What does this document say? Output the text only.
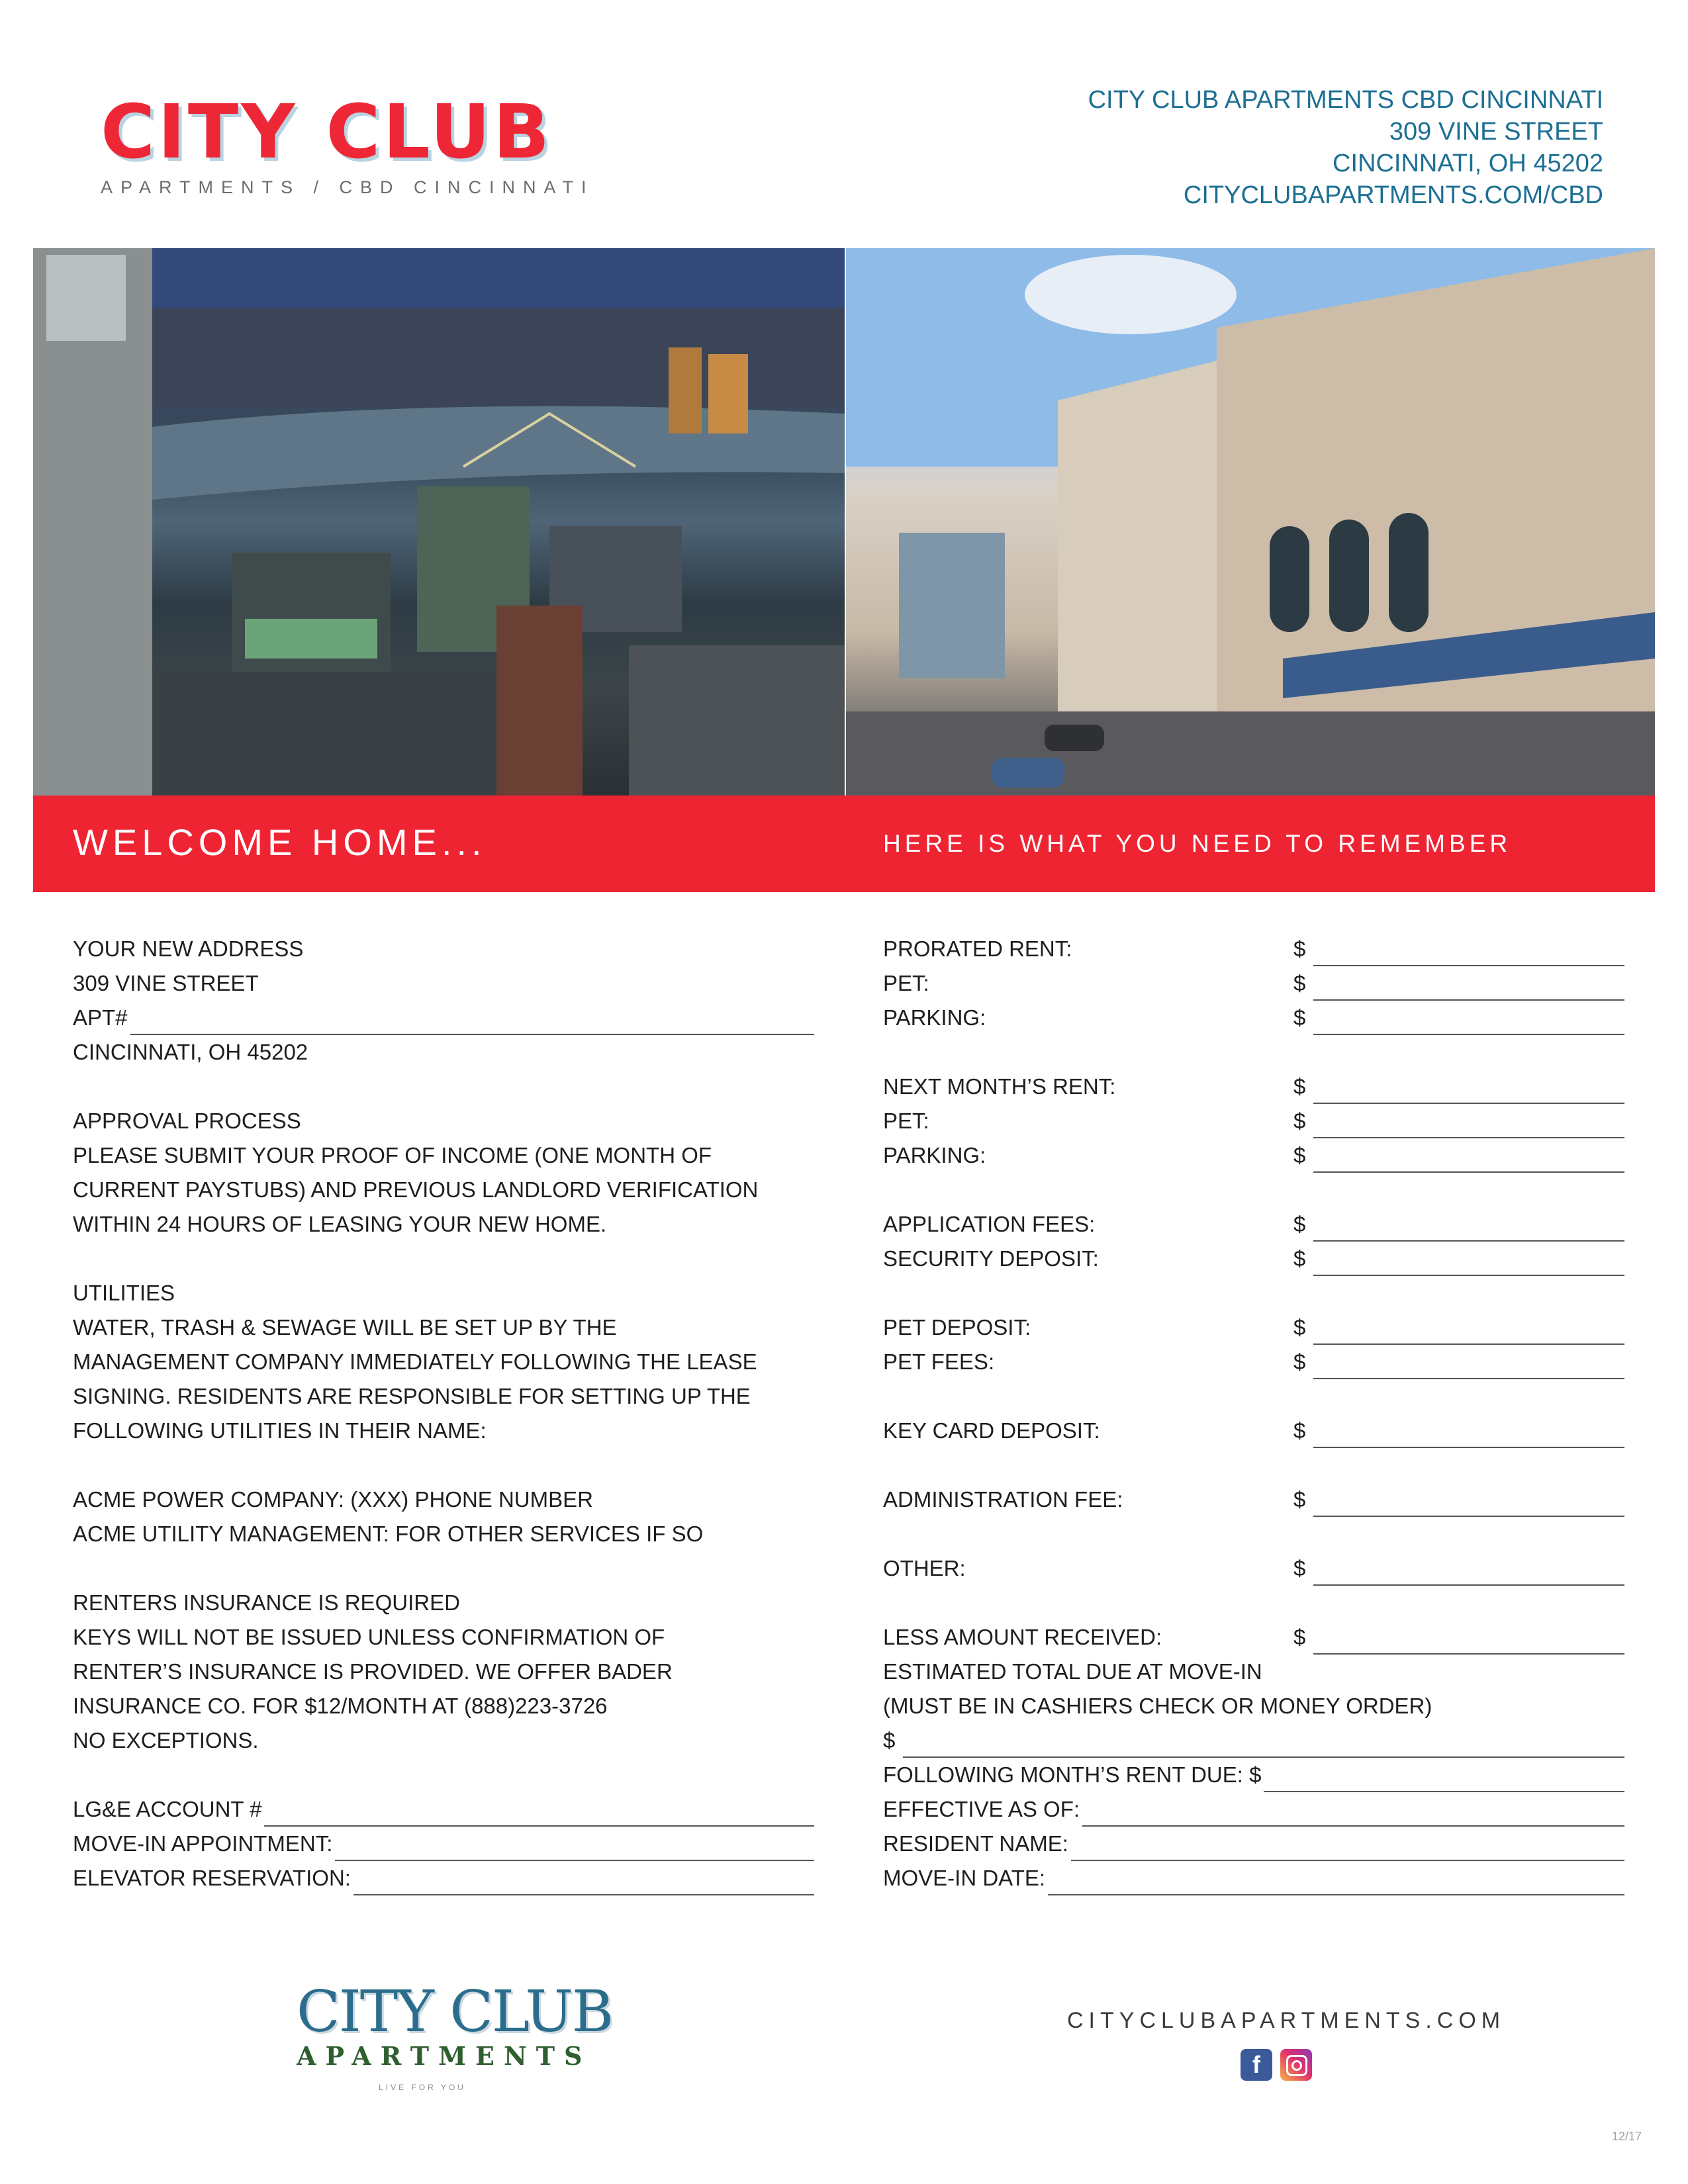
CITY CLUB
APARTMENTS / CBD CINCINNATI
CITY CLUB APARTMENTS CBD CINCINNATI
309 VINE STREET
CINCINNATI, OH 45202
CITYCLUBAPARTMENTS.COM/CBD
WELCOME HOME...	HERE IS WHAT YOU NEED TO REMEMBER
YOUR NEW ADDRESS
309 VINE STREET
APT#
CINCINNATI, OH 45202
APPROVAL PROCESS
PLEASE SUBMIT YOUR PROOF OF INCOME (ONE MONTH OF
CURRENT PAYSTUBS) AND PREVIOUS LANDLORD VERIFICATION
WITHIN 24 HOURS OF LEASING YOUR NEW HOME.
UTILITIES
WATER, TRASH & SEWAGE WILL BE SET UP BY THE
MANAGEMENT COMPANY IMMEDIATELY FOLLOWING THE LEASE
SIGNING. RESIDENTS ARE RESPONSIBLE FOR SETTING UP THE
FOLLOWING UTILITIES IN THEIR NAME:
ACME POWER COMPANY: (XXX) PHONE NUMBER
ACME UTILITY MANAGEMENT: FOR OTHER SERVICES IF SO
RENTERS INSURANCE IS REQUIRED
KEYS WILL NOT BE ISSUED UNLESS CONFIRMATION OF
RENTER’S INSURANCE IS PROVIDED. WE OFFER BADER
INSURANCE CO. FOR $12/MONTH AT (888)223-3726
NO EXCEPTIONS.
LG&E ACCOUNT #
MOVE-IN APPOINTMENT:
ELEVATOR RESERVATION:
PRORATED RENT:	$
PET:	$
PARKING:	$
NEXT MONTH’S RENT:	$
PET:	$
PARKING:	$
APPLICATION FEES:	$
SECURITY DEPOSIT:	$
PET DEPOSIT:	$
PET FEES:	$
KEY CARD DEPOSIT:	$
ADMINISTRATION FEE:	$
OTHER:	$
LESS AMOUNT RECEIVED:	$
ESTIMATED TOTAL DUE AT MOVE-IN
(MUST BE IN CASHIERS CHECK OR MONEY ORDER)
$
FOLLOWING MONTH’S RENT DUE: $
EFFECTIVE AS OF:
RESIDENT NAME:
MOVE-IN DATE:
CITY CLUB
APARTMENTS
LIVE FOR YOU
CITYCLUBAPARTMENTS.COM
f
12/17
